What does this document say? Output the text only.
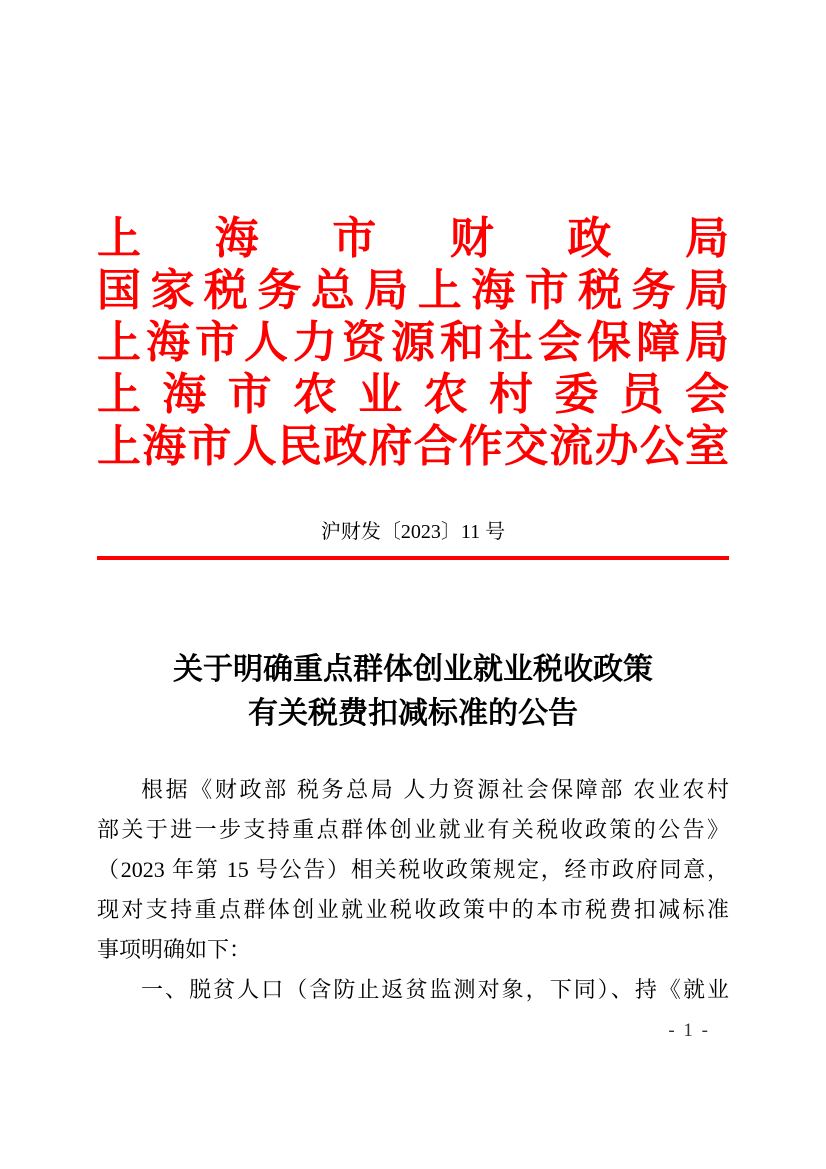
上海市财政局
国家税务总局上海市税务局
上海市人力资源和社会保障局
上海市农业农村委员会
上海市人民政府合作交流办公室
沪财发〔2023〕11 号
关于明确重点群体创业就业税收政策
有关税费扣减标准的公告
根据《财政部 税务总局 人力资源社会保障部 农业农村
部关于进一步支持重点群体创业就业有关税收政策的公告》
（2023 年第 15 号公告）相关税收政策规定，经市政府同意，
现对支持重点群体创业就业税收政策中的本市税费扣减标准
事项明确如下：
一、脱贫人口（含防止返贫监测对象，下同）、持《就业
- 1 -
